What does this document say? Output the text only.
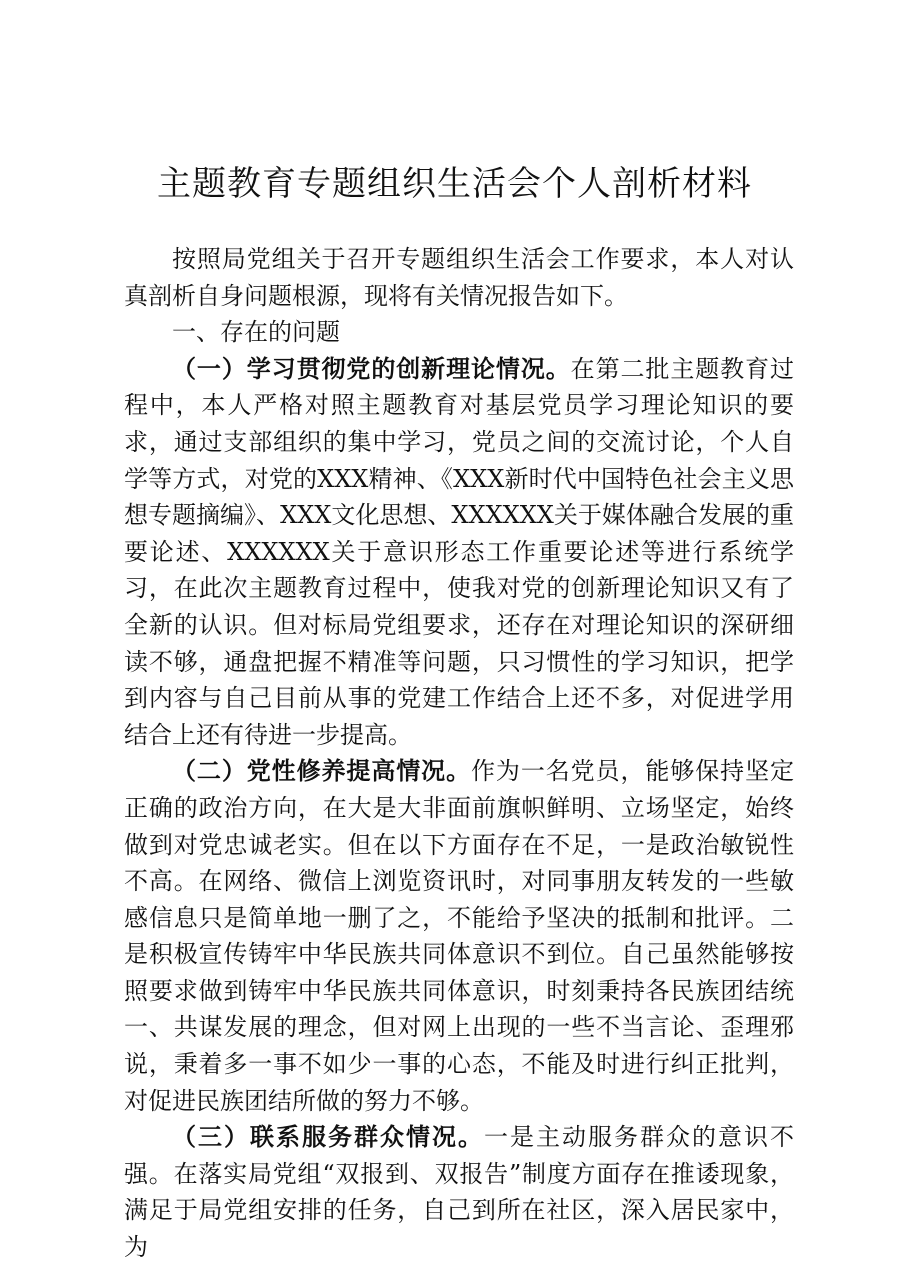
主题教育专题组织生活会个人剖析材料

按照局党组关于召开专题组织生活会工作要求，本人对认真剖析自身问题根源，现将有关情况报告如下。

一、存在的问题

（一）学习贯彻党的创新理论情况。在第二批主题教育过程中，本人严格对照主题教育对基层党员学习理论知识的要求，通过支部组织的集中学习，党员之间的交流讨论，个人自学等方式，对党的XXX精神、《XXX新时代中国特色社会主义思想专题摘编》、XXX文化思想、XXXXXX关于媒体融合发展的重要论述、XXXXXX关于意识形态工作重要论述等进行系统学习，在此次主题教育过程中，使我对党的创新理论知识又有了全新的认识。但对标局党组要求，还存在对理论知识的深研细读不够，通盘把握不精准等问题，只习惯性的学习知识，把学到内容与自己目前从事的党建工作结合上还不多，对促进学用结合上还有待进一步提高。

（二）党性修养提高情况。作为一名党员，能够保持坚定正确的政治方向，在大是大非面前旗帜鲜明、立场坚定，始终做到对党忠诚老实。但在以下方面存在不足，一是政治敏锐性不高。在网络、微信上浏览资讯时，对同事朋友转发的一些敏感信息只是简单地一删了之，不能给予坚决的抵制和批评。二是积极宣传铸牢中华民族共同体意识不到位。自己虽然能够按照要求做到铸牢中华民族共同体意识，时刻秉持各民族团结统一、共谋发展的理念，但对网上出现的一些不当言论、歪理邪说，秉着多一事不如少一事的心态，不能及时进行纠正批判，对促进民族团结所做的努力不够。

（三）联系服务群众情况。一是主动服务群众的意识不强。在落实局党组“双报到、双报告”制度方面存在推诿现象，满足于局党组安排的任务，自己到所在社区，深入居民家中，为
